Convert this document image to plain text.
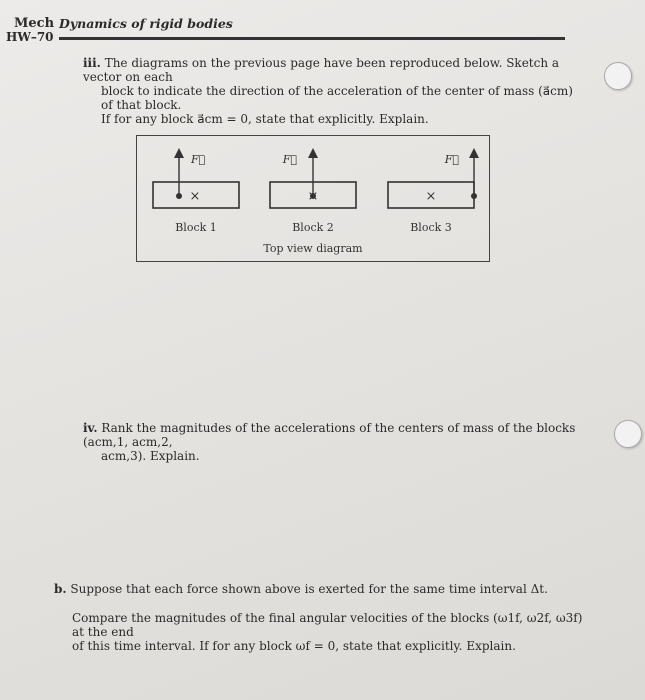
Mech
HW–70
Dynamics of rigid bodies
iii. The diagrams on the previous page have been reproduced below. Sketch a vector on each
block to indicate the direction of the acceleration of the center of mass (a⃗cm) of that block.
If for any block a⃗cm = 0, state that explicitly. Explain.
F⃗
×
Block 1
×
F⃗
Block 2
Top view diagram
F⃗
×
Block 3
iv. Rank the magnitudes of the accelerations of the centers of mass of the blocks (acm,1, acm,2,
acm,3). Explain.
b. Suppose that each force shown above is exerted for the same time interval Δt.
Compare the magnitudes of the final angular velocities of the blocks (ω1f, ω2f, ω3f) at the end
of this time interval. If for any block ωf = 0, state that explicitly. Explain.
